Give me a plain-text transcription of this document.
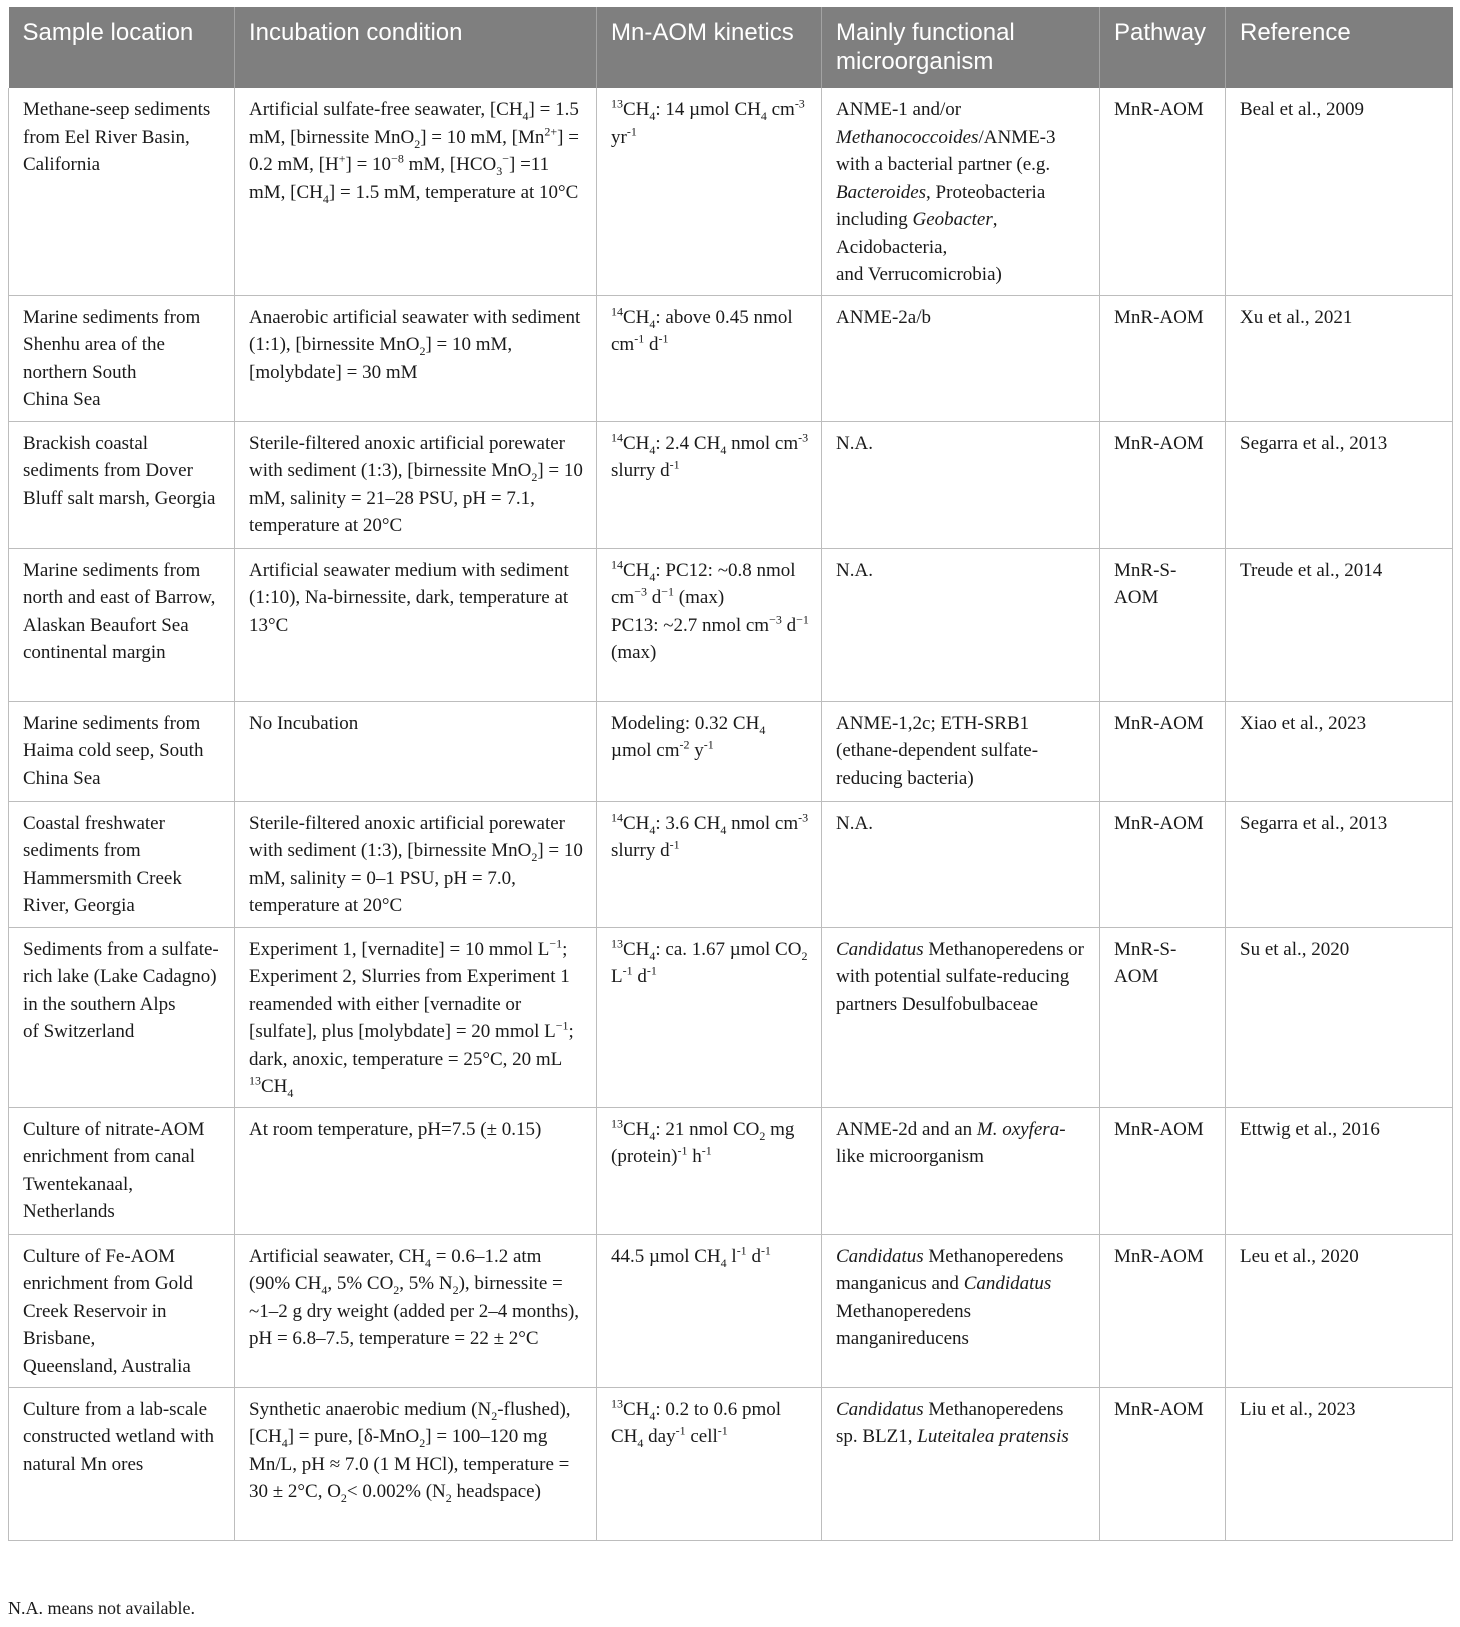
Sample location	Incubation condition	Mn-AOM kinetics	Mainly functional microorganism	Pathway	Reference
Methane-seep sediments from Eel River Basin, California	Artificial sulfate-free seawater, $[CH_4] = 1.5$ mM, [birnessite MnO$_2$] = 10 mM, $[Mn^{2+}] = 0.2$ mM, $[H^+] = 10^{-8}$ mM, $[HCO_3^-] =11$ mM, $[CH_4] = 1.5$ mM, temperature at 10°C	$^{13}CH_4$: 14 µmol $CH_4$ $cm^{-3}$ $yr^{-1}$	ANME-1 and/or Methanococcoides/ANME-3 with a bacterial partner (e.g. Bacteroides, Proteobacteria including Geobacter, Acidobacteria,
and Verrucomicrobia)	MnR-AOM	Beal et al., 2009
Marine sediments from Shenhu area of the northern South
China Sea	Anaerobic artificial seawater with sediment (1:1), [birnessite MnO$_2$] = 10 mM, [molybdate] = 30 mM	$^{14}CH_4$: above 0.45 nmol $cm^{-1}$ $d^{-1}$	ANME-2a/b	MnR-AOM	Xu et al., 2021
Brackish coastal sediments from Dover Bluff salt marsh, Georgia	Sterile-filtered anoxic artificial porewater with sediment (1:3), [birnessite MnO$_2$] = 10 mM, salinity = 21–28 PSU, pH = 7.1, temperature at 20°C	$^{14}CH_4$: 2.4 $CH_4$ nmol $cm^{-3}$ slurry $d^{-1}$	N.A.	MnR-AOM	Segarra et al., 2013
Marine sediments from north and east of Barrow, Alaskan Beaufort Sea continental margin	Artificial seawater medium with sediment (1:10), Na-birnessite, dark, temperature at 13°C	$^{14}CH_4$: PC12: ~0.8 nmol $cm^{-3}$ $d^{-1}$ (max)
PC13: ~2.7 nmol $cm^{-3}$ $d^{-1}$ (max)	N.A.	MnR-S-AOM	Treude et al., 2014
Marine sediments from Haima cold seep, South China Sea	No Incubation	Modeling: 0.32 $CH_4$ µmol $cm^{-2}$ $y^{-1}$	ANME-1,2c; ETH-SRB1 (ethane-dependent sulfate-reducing bacteria)	MnR-AOM	Xiao et al., 2023
Coastal freshwater sediments from Hammersmith Creek River, Georgia	Sterile-filtered anoxic artificial porewater with sediment (1:3), [birnessite MnO$_2$] = 10 mM, salinity = 0–1 PSU, pH = 7.0, temperature at 20°C	$^{14}CH_4$: 3.6 $CH_4$ nmol $cm^{-3}$ slurry $d^{-1}$	N.A.	MnR-AOM	Segarra et al., 2013
Sediments from a sulfate-rich lake (Lake Cadagno) in the southern Alps
of Switzerland	Experiment 1, [vernadite] = 10 mmol $L^{-1}$; Experiment 2, Slurries from Experiment 1 reamended with either [vernadite or [sulfate], plus [molybdate] = 20 mmol $L^{-1}$; dark, anoxic, temperature = 25°C, 20 mL $^{13}CH_4$	$^{13}CH_4$: ca. 1.67 µmol $CO_2$ $L^{-1}$ $d^{-1}$	Candidatus Methanoperedens or with potential sulfate-reducing
partners Desulfobulbaceae	MnR-S-AOM	Su et al., 2020
Culture of nitrate-AOM enrichment from canal Twentekanaal, Netherlands	At room temperature, pH=7.5 (± 0.15)	$^{13}CH_4$: 21 nmol $CO_2$ mg (protein)$^{-1}$ $h^{-1}$	ANME-2d and an M. oxyfera-like microorganism	MnR-AOM	Ettwig et al., 2016
Culture of Fe-AOM enrichment from Gold Creek Reservoir in Brisbane,
Queensland, Australia	Artificial seawater, $CH_4 = 0.6-1.2$ atm (90% $CH_4$, 5% $CO_2$, 5% $N_2$), birnessite = ~1–2 g dry weight (added per 2–4 months), pH = 6.8–7.5, temperature = 22 ± 2°C	44.5 µmol $CH_4$ $l^{-1}$ $d^{-1}$	Candidatus Methanoperedens manganicus and Candidatus Methanoperedens manganireducens	MnR-AOM	Leu et al., 2020
Culture from a lab-scale constructed wetland with natural Mn ores	Synthetic anaerobic medium $(N_2-flushed)$, $[CH_4]$ = pure, [δ-MnO$_2$] = 100–120 mg Mn/L, pH ≈ 7.0 (1 M HCl), temperature = 30 ± 2°C, $O_2< 0.002\%$ ($N_2$ headspace)	$^{13}CH_4$: 0.2 to 0.6 pmol $CH_4$ day$^{-1}$ cell$^{-1}$	Candidatus Methanoperedens sp. BLZ1, Luteitalea pratensis	MnR-AOM	Liu et al., 2023
N.A. means not available.
